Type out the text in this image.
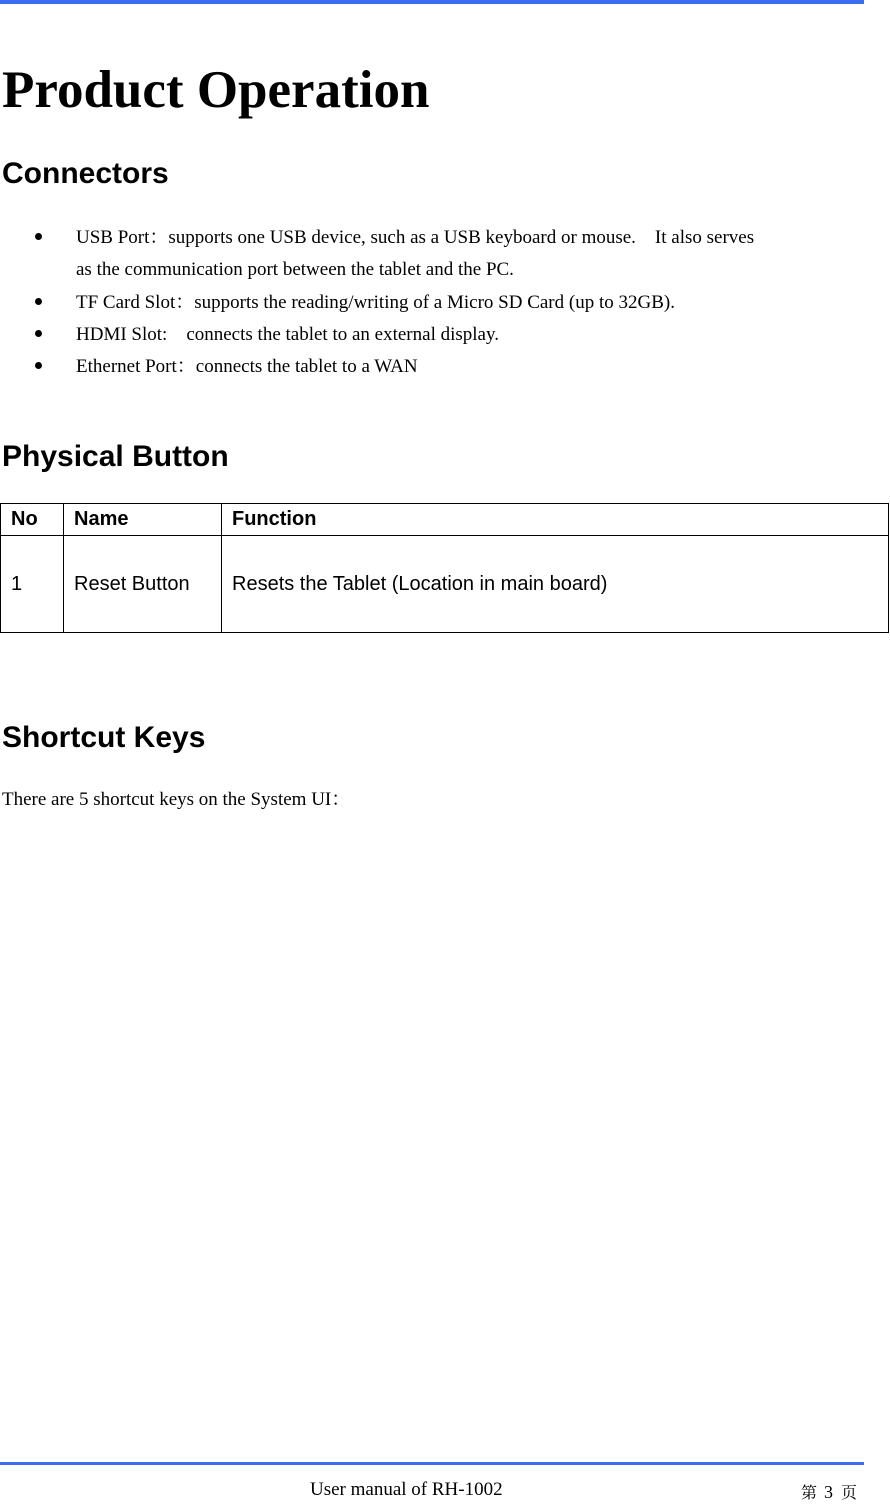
Product Operation
Connectors
USB Port：supports one USB device, such as a USB keyboard or mouse.　It also serves
as the communication port between the tablet and the PC.
TF Card Slot：supports the reading/writing of a Micro SD Card (up to 32GB).
HDMI Slot:　connects the tablet to an external display.
Ethernet Port：connects the tablet to a WAN
Physical Button
No	Name	Function
1	Reset Button	Resets the Tablet (Location in main board)
Shortcut Keys

There are 5 shortcut keys on the System UI：

User manual of RH-1002	第 3 页
